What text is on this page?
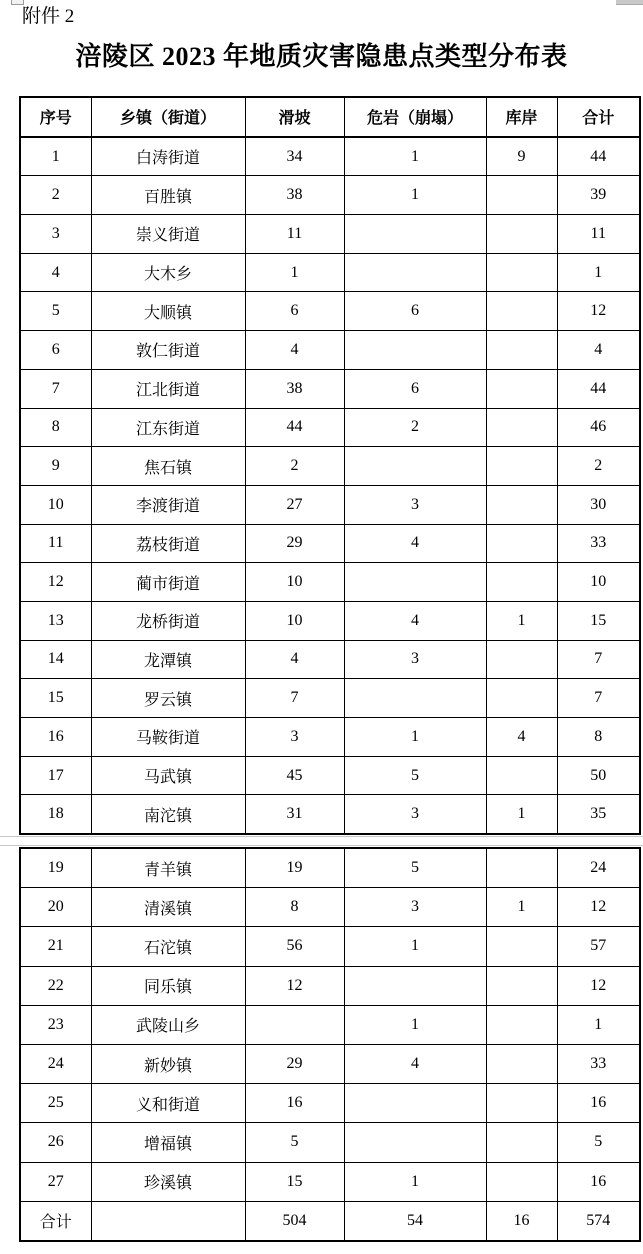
附件 2
涪陵区 2023 年地质灾害隐患点类型分布表
序号	乡镇（街道）	滑坡	危岩（崩塌）	库岸	合计
1	白涛街道	34	1	9	44
2	百胜镇	38	1		39
3	崇义街道	11			11
4	大木乡	1			1
5	大顺镇	6	6		12
6	敦仁街道	4			4
7	江北街道	38	6		44
8	江东街道	44	2		46
9	焦石镇	2			2
10	李渡街道	27	3		30
11	荔枝街道	29	4		33
12	蔺市街道	10			10
13	龙桥街道	10	4	1	15
14	龙潭镇	4	3		7
15	罗云镇	7			7
16	马鞍街道	3	1	4	8
17	马武镇	45	5		50
18	南沱镇	31	3	1	35
19	青羊镇	19	5		24
20	清溪镇	8	3	1	12
21	石沱镇	56	1		57
22	同乐镇	12			12
23	武陵山乡		1		1
24	新妙镇	29	4		33
25	义和街道	16			16
26	增福镇	5			5
27	珍溪镇	15	1		16
合计		504	54	16	574
